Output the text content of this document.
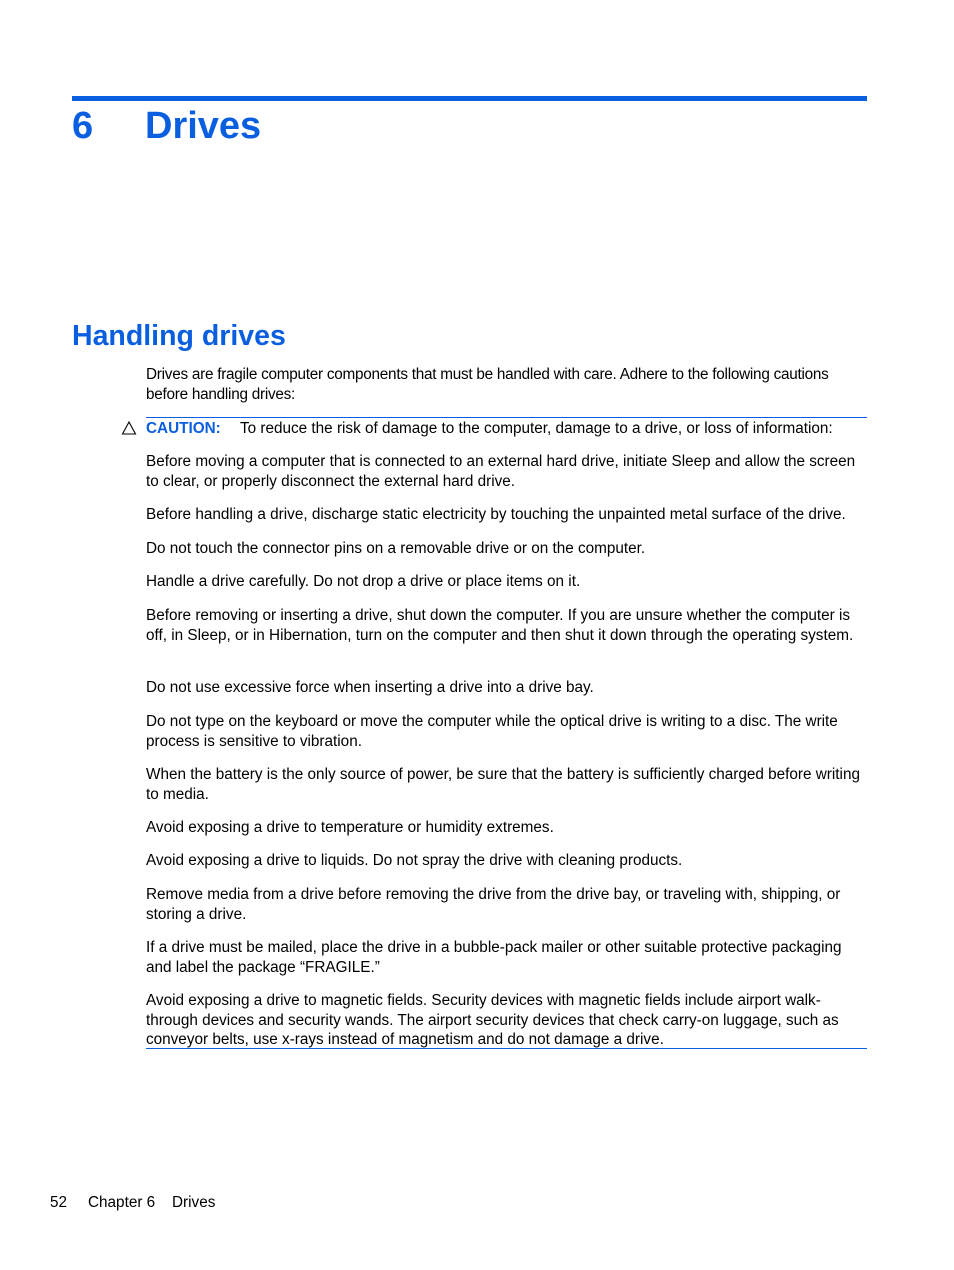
6 Drives
Handling drives

Drives are fragile computer components that must be handled with care. Adhere to the following cautions before handling drives:

CAUTION: To reduce the risk of damage to the computer, damage to a drive, or loss of information:

Before moving a computer that is connected to an external hard drive, initiate Sleep and allow the screen to clear, or properly disconnect the external hard drive.

Before handling a drive, discharge static electricity by touching the unpainted metal surface of the drive.

Do not touch the connector pins on a removable drive or on the computer.

Handle a drive carefully. Do not drop a drive or place items on it.

Before removing or inserting a drive, shut down the computer. If you are unsure whether the computer is off, in Sleep, or in Hibernation, turn on the computer and then shut it down through the operating system.

Do not use excessive force when inserting a drive into a drive bay.

Do not type on the keyboard or move the computer while the optical drive is writing to a disc. The write process is sensitive to vibration.

When the battery is the only source of power, be sure that the battery is sufficiently charged before writing to media.

Avoid exposing a drive to temperature or humidity extremes.

Avoid exposing a drive to liquids. Do not spray the drive with cleaning products.

Remove media from a drive before removing the drive from the drive bay, or traveling with, shipping, or storing a drive.

If a drive must be mailed, place the drive in a bubble-pack mailer or other suitable protective packaging and label the package “FRAGILE.”

Avoid exposing a drive to magnetic fields. Security devices with magnetic fields include airport walk-through devices and security wands. The airport security devices that check carry-on luggage, such as conveyor belts, use x-rays instead of magnetism and do not damage a drive.

52 Chapter 6 Drives
